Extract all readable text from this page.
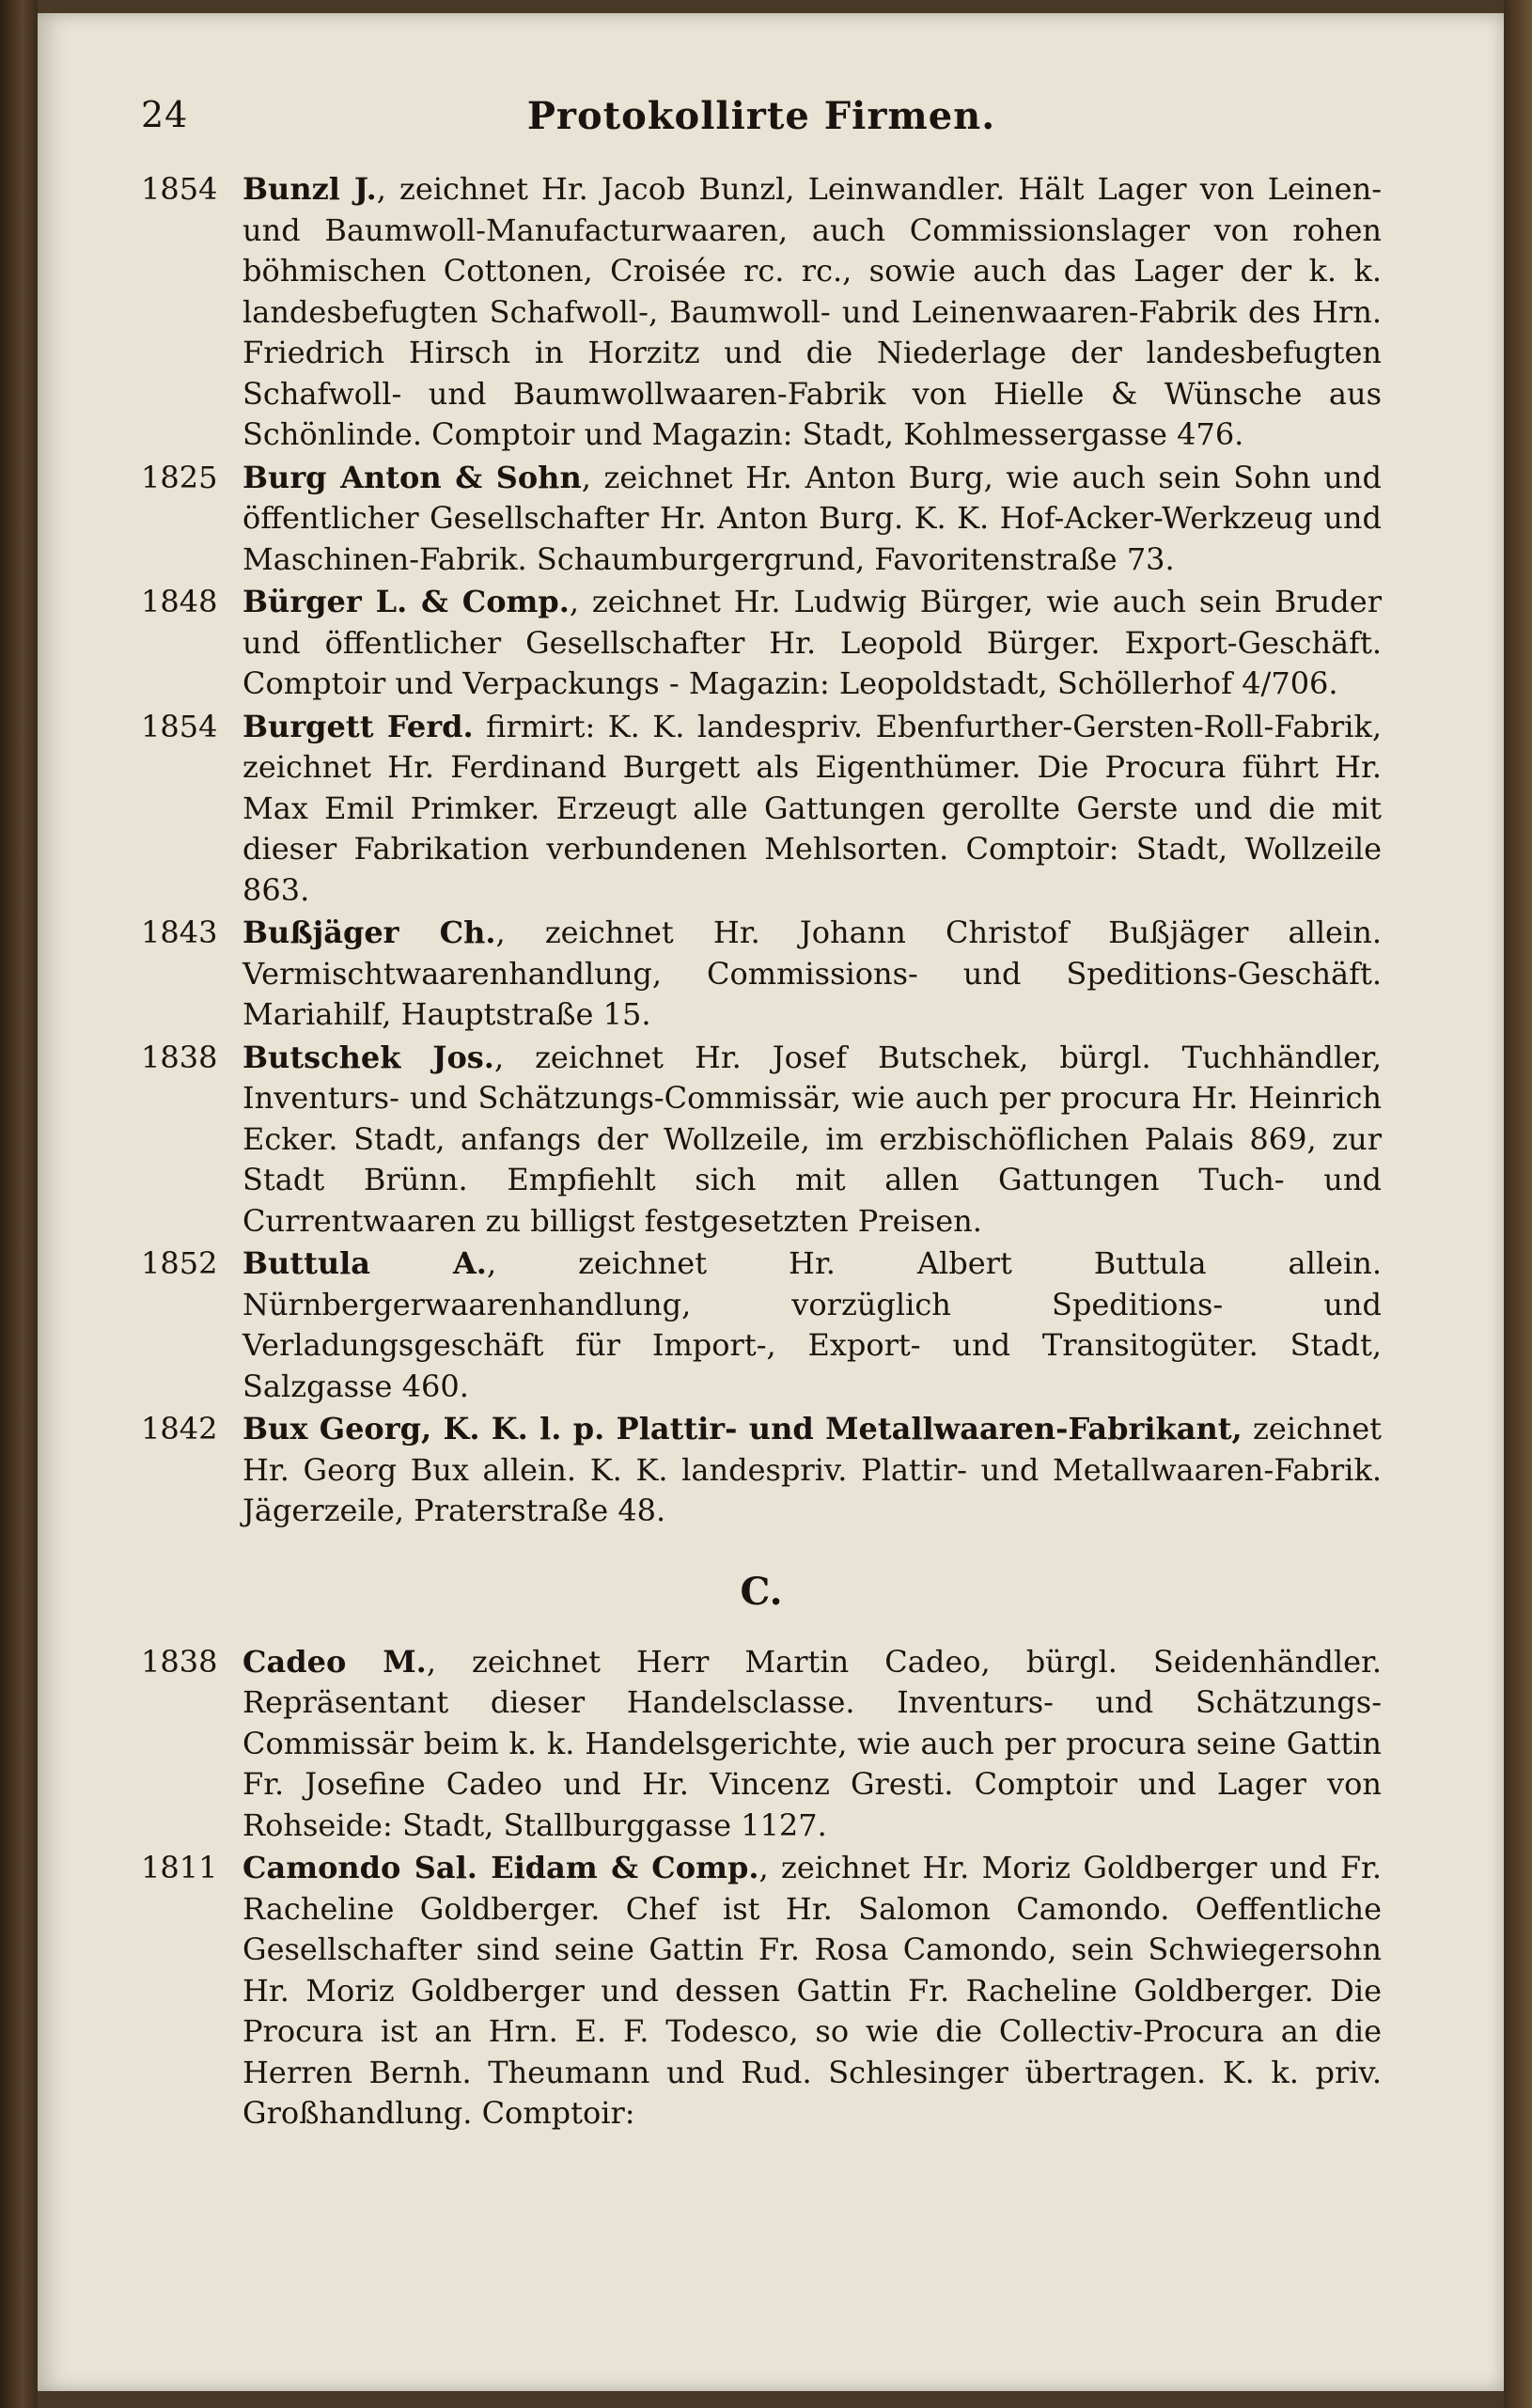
24	Protokollirte Firmen.
1854 Bunzl J., zeichnet Hr. Jacob Bunzl, Leinwandler. Hält Lager von Leinen- und Baumwoll-Manufacturwaaren, auch Commissionslager von rohen böhmischen Cottonen, Croisée rc. rc., sowie auch das Lager der k. k. landesbefugten Schafwoll-, Baumwoll- und Leinenwaaren-Fabrik des Hrn. Friedrich Hirsch in Horzitz und die Niederlage der landesbefugten Schafwoll- und Baumwollwaaren-Fabrik von Hielle & Wünsche aus Schönlinde. Comptoir und Magazin: Stadt, Kohlmessergasse 476.
1825 Burg Anton & Sohn, zeichnet Hr. Anton Burg, wie auch sein Sohn und öffentlicher Gesellschafter Hr. Anton Burg. K. K. Hof-Acker-Werkzeug und Maschinen-Fabrik. Schaumburgergrund, Favoritenstraße 73.
1848 Bürger L. & Comp., zeichnet Hr. Ludwig Bürger, wie auch sein Bruder und öffentlicher Gesellschafter Hr. Leopold Bürger. Export-Geschäft. Comptoir und Verpackungs - Magazin: Leopoldstadt, Schöllerhof 4/706.
1854 Burgett Ferd. firmirt: K. K. landespriv. Ebenfurther-Gersten-Roll-Fabrik, zeichnet Hr. Ferdinand Burgett als Eigenthümer. Die Procura führt Hr. Max Emil Primker. Erzeugt alle Gattungen gerollte Gerste und die mit dieser Fabrikation verbundenen Mehlsorten. Comptoir: Stadt, Wollzeile 863.
1843 Bußjäger Ch., zeichnet Hr. Johann Christof Bußjäger allein. Vermischtwaarenhandlung, Commissions- und Speditions-Geschäft. Mariahilf, Hauptstraße 15.
1838 Butschek Jos., zeichnet Hr. Josef Butschek, bürgl. Tuchhändler, Inventurs- und Schätzungs-Commissär, wie auch per procura Hr. Heinrich Ecker. Stadt, anfangs der Wollzeile, im erzbischöflichen Palais 869, zur Stadt Brünn. Empfiehlt sich mit allen Gattungen Tuch- und Currentwaaren zu billigst festgesetzten Preisen.
1852 Buttula A., zeichnet Hr. Albert Buttula allein. Nürnbergerwaarenhandlung, vorzüglich Speditions- und Verladungsgeschäft für Import-, Export- und Transitogüter. Stadt, Salzgasse 460.
1842 Bux Georg, K. K. l. p. Plattir- und Metallwaaren-Fabrikant, zeichnet Hr. Georg Bux allein. K. K. landespriv. Plattir- und Metallwaaren-Fabrik. Jägerzeile, Praterstraße 48.
C.
1838 Cadeo M., zeichnet Herr Martin Cadeo, bürgl. Seidenhändler. Repräsentant dieser Handelsclasse. Inventurs- und Schätzungs-Commissär beim k. k. Handelsgerichte, wie auch per procura seine Gattin Fr. Josefine Cadeo und Hr. Vincenz Gresti. Comptoir und Lager von Rohseide: Stadt, Stallburggasse 1127.
1811 Camondo Sal. Eidam & Comp., zeichnet Hr. Moriz Goldberger und Fr. Racheline Goldberger. Chef ist Hr. Salomon Camondo. Oeffentliche Gesellschafter sind seine Gattin Fr. Rosa Camondo, sein Schwiegersohn Hr. Moriz Goldberger und dessen Gattin Fr. Racheline Goldberger. Die Procura ist an Hrn. E. F. Todesco, so wie die Collectiv-Procura an die Herren Bernh. Theumann und Rud. Schlesinger übertragen. K. k. priv. Großhandlung. Comptoir:
